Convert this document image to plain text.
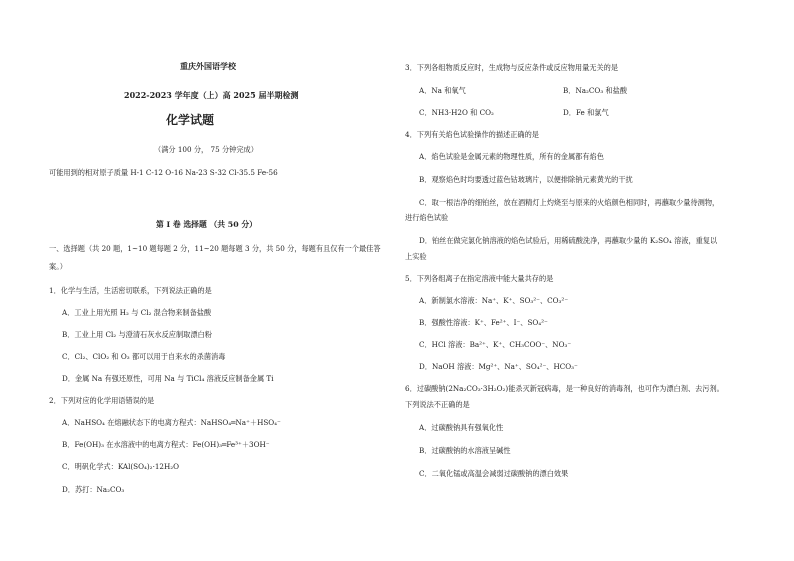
重庆外国语学校
2022-2023 学年度（上）高 2025 届半期检测
化学试题
（满分 100 分， 75 分钟完成）
可能用到的相对原子质量 H-1 C-12 O-16 Na-23 S-32 Cl-35.5 Fe-56
第 I 卷 选择题 （共 50 分）
一、选择题（共 20 题，1~10 题每题 2 分，11~20 题每题 3 分，共 50 分，每题有且仅有一个最佳答
案。）
1．化学与生活，生活密切联系，下列说法正确的是
A．工业上用光照 H₂ 与 Cl₂ 混合物来制备盐酸
B．工业上用 Cl₂ 与澄清石灰水反应制取漂白粉
C．Cl₂、ClO₂ 和 O₃ 都可以用于自来水的杀菌消毒
D．金属 Na 有强还原性，可用 Na 与 TiCl₄ 溶液反应制备金属 Ti
2．下列对应的化学用语错误的是
A．NaHSO₄ 在熔融状态下的电离方程式：NaHSO₄═Na⁺＋HSO₄⁻
B．Fe(OH)₃ 在水溶液中的电离方程式：Fe(OH)₃═Fe³⁺＋3OH⁻
C．明矾化学式：KAl(SO₄)₂·12H₂O
D．苏打：Na₂CO₃
3．下列各组物质反应时，生成物与反应条件或反应物用量无关的是
A．Na 和氧气	B．Na₂CO₃ 和盐酸
C．NH3·H2O 和 CO₂	D．Fe 和氯气
4．下列有关焰色试验操作的描述正确的是
A．焰色试验是金属元素的物理性质，所有的金属都有焰色
B．观察焰色时均要透过蓝色钴玻璃片，以便排除钠元素黄光的干扰
C．取一根洁净的细铂丝，放在酒精灯上灼烧至与原来的火焰颜色相同时，再蘸取少量待测物，
进行焰色试验
D．铂丝在做完氯化钠溶液的焰色试验后，用稀硫酸洗净，再蘸取少量的 K₂SO₄ 溶液，重复以
上实验
5．下列各组离子在指定溶液中能大量共存的是
A．新制氯水溶液：Na⁺、K⁺、SO₃²⁻、CO₃²⁻
B．强酸性溶液：K⁺、Fe²⁺、I⁻、SO₄²⁻
C．HCl 溶液：Ba²⁺、K⁺、CH₃COO⁻、NO₃⁻
D．NaOH 溶液：Mg²⁺、Na⁺、SO₄²⁻、HCO₃⁻
6．过碳酸钠(2Na₂CO₃·3H₂O₂)能杀灭新冠病毒，是一种良好的消毒剂，也可作为漂白剂、去污剂。
下列说法不正确的是
A．过碳酸钠具有强氧化性
B．过碳酸钠的水溶液呈碱性
C．二氧化锰或高温会减弱过碳酸钠的漂白效果
